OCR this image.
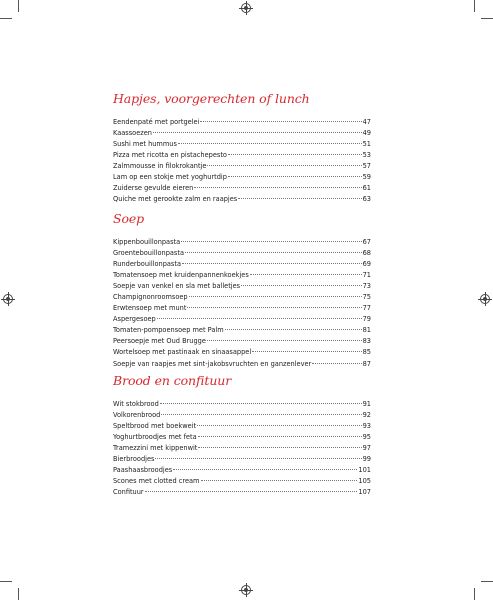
Hapjes, voorgerechten of lunch
Eendenpaté met portgelei	47
Kaassoezen	49
Sushi met hummus	51
Pizza met ricotta en pistachepesto	53
Zalmmousse in filokrokantje	57
Lam op een stokje met yoghurtdip	59
Zuiderse gevulde eieren	61
Quiche met gerookte zalm en raapjes	63
Soep
Kippenbouillonpasta	67
Groentebouillonpasta	68
Runderbouillonpasta	69
Tomatensoep met kruidenpannenkoekjes	71
Soepje van venkel en sla met balletjes	73
Champignonroomsoep	75
Erwtensoep met munt	77
Aspergesoep	79
Tomaten-pompoensoep met Palm	81
Peersoepje met Oud Brugge	83
Wortelsoep met pastinaak en sinaasappel	85
Soepje van raapjes met sint-jakobsvruchten en ganzenlever	87
Brood en confituur
Wit stokbrood	91
Volkorenbrood	92
Speltbrood met boekweit	93
Yoghurtbroodjes met feta	95
Tramezzini met kippenwit	97
Bierbroodjes	99
Paashaasbroodjes	101
Scones met clotted cream	105
Confituur	107
